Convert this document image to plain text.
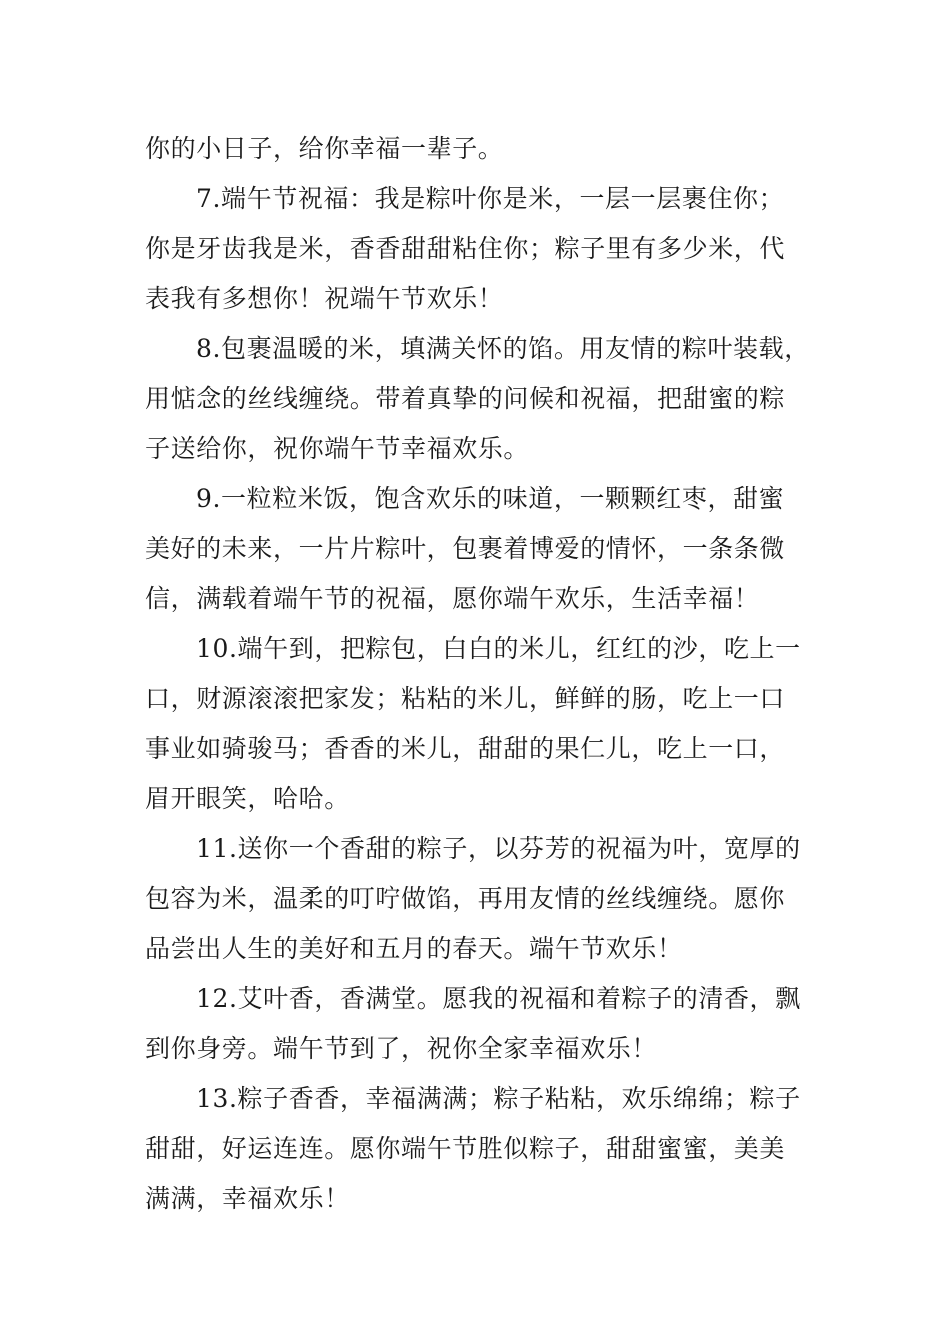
你的小日子，给你幸福一辈子。
7.端午节祝福：我是粽叶你是米，一层一层裹住你；
你是牙齿我是米，香香甜甜粘住你；粽子里有多少米，代
表我有多想你！祝端午节欢乐！
8.包裹温暖的米，填满关怀的馅。用友情的粽叶装载，
用惦念的丝线缠绕。带着真挚的问候和祝福，把甜蜜的粽
子送给你，祝你端午节幸福欢乐。
9.一粒粒米饭，饱含欢乐的味道，一颗颗红枣，甜蜜
美好的未来，一片片粽叶，包裹着博爱的情怀，一条条微
信，满载着端午节的祝福，愿你端午欢乐，生活幸福！
10.端午到，把粽包，白白的米儿，红红的沙，吃上一
口，财源滚滚把家发；粘粘的米儿，鲜鲜的肠，吃上一口
事业如骑骏马；香香的米儿，甜甜的果仁儿，吃上一口，
眉开眼笑，哈哈。
11.送你一个香甜的粽子，以芬芳的祝福为叶，宽厚的
包容为米，温柔的叮咛做馅，再用友情的丝线缠绕。愿你
品尝出人生的美好和五月的春天。端午节欢乐！
12.艾叶香，香满堂。愿我的祝福和着粽子的清香，飘
到你身旁。端午节到了，祝你全家幸福欢乐！
13.粽子香香，幸福满满；粽子粘粘，欢乐绵绵；粽子
甜甜，好运连连。愿你端午节胜似粽子，甜甜蜜蜜，美美
满满，幸福欢乐！
